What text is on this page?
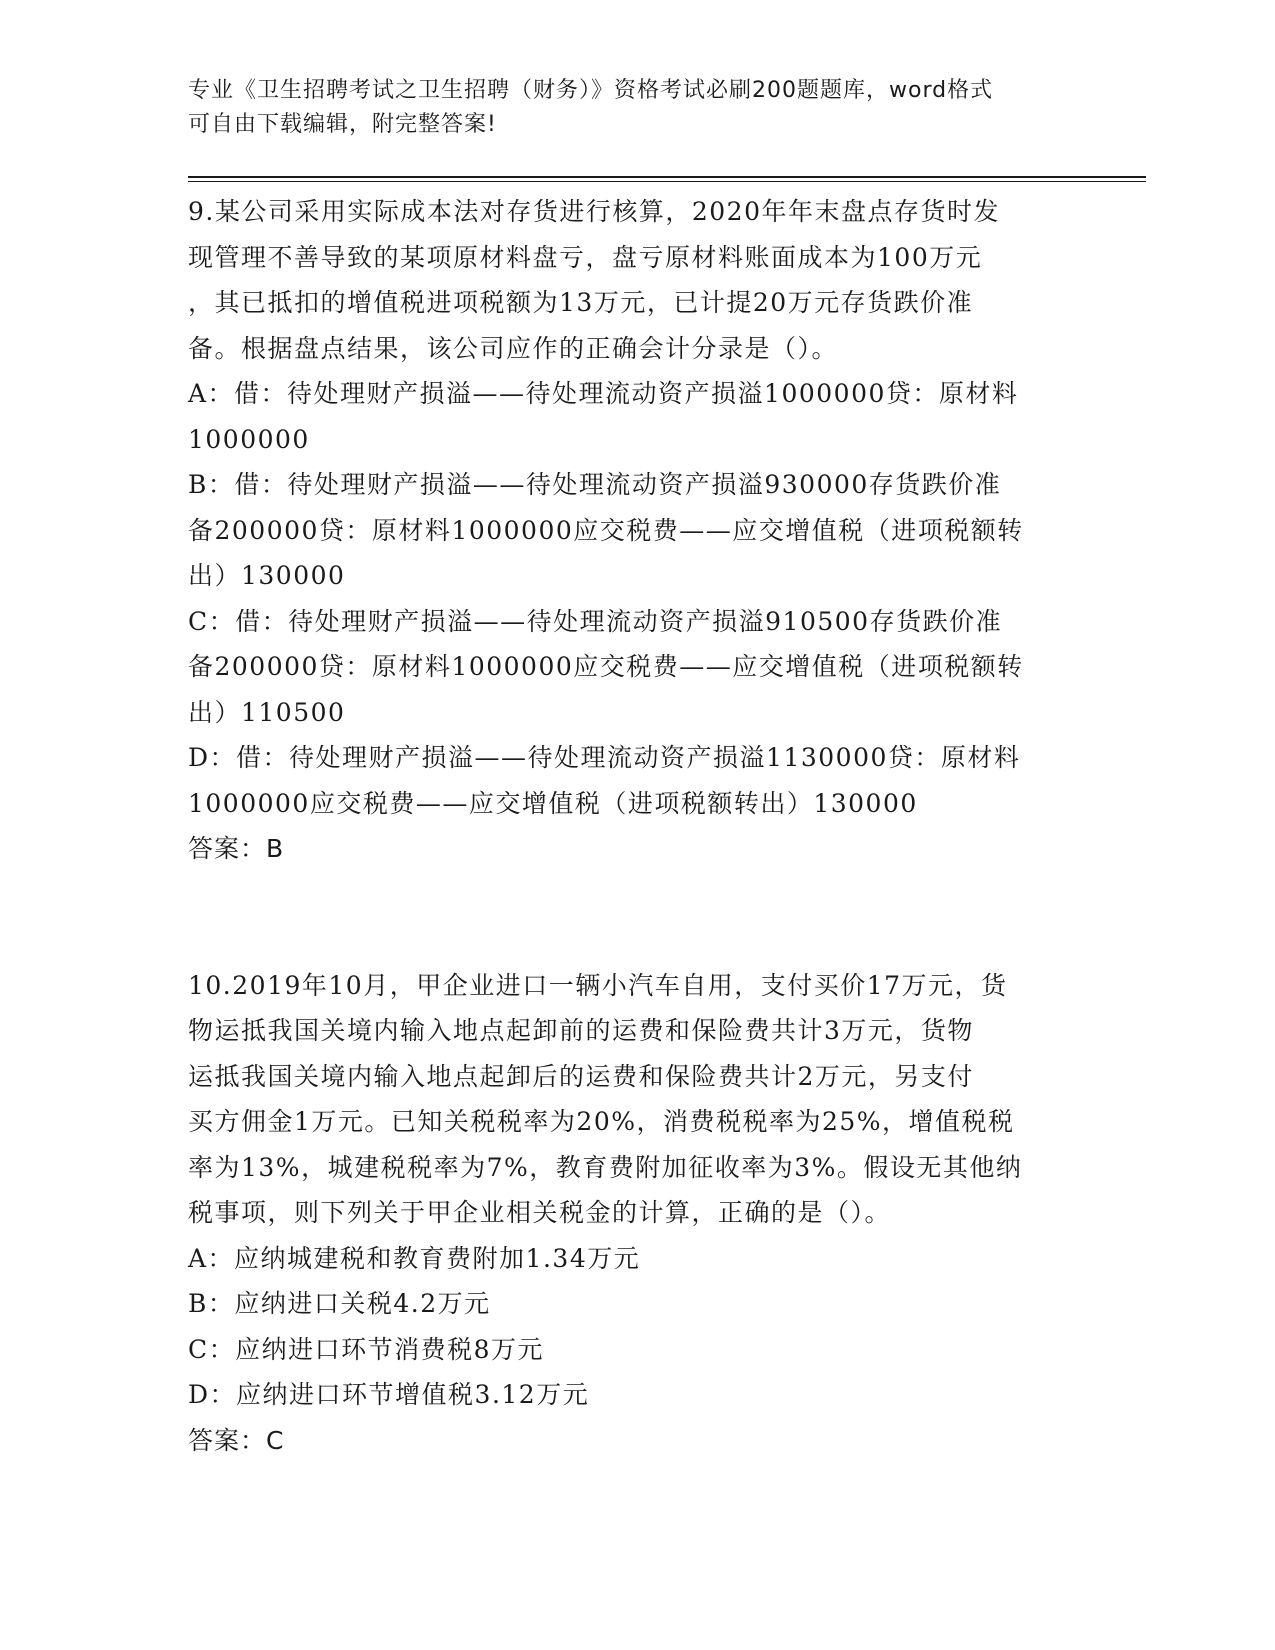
专业《卫生招聘考试之卫生招聘（财务）》资格考试必刷200题题库，word格式
可自由下载编辑，附完整答案!
9.某公司采用实际成本法对存货进行核算，2020年年末盘点存货时发
现管理不善导致的某项原材料盘亏，盘亏原材料账面成本为100万元
，其已抵扣的增值税进项税额为13万元，已计提20万元存货跌价准
备。根据盘点结果，该公司应作的正确会计分录是（）。
A：借：待处理财产损溢——待处理流动资产损溢1000000贷：原材料
1000000
B：借：待处理财产损溢——待处理流动资产损溢930000存货跌价准
备200000贷：原材料1000000应交税费——应交增值税（进项税额转
出）130000
C：借：待处理财产损溢——待处理流动资产损溢910500存货跌价准
备200000贷：原材料1000000应交税费——应交增值税（进项税额转
出）110500
D：借：待处理财产损溢——待处理流动资产损溢1130000贷：原材料
1000000应交税费——应交增值税（进项税额转出）130000
答案：B
10.2019年10月，甲企业进口一辆小汽车自用，支付买价17万元，货
物运抵我国关境内输入地点起卸前的运费和保险费共计3万元，货物
运抵我国关境内输入地点起卸后的运费和保险费共计2万元，另支付
买方佣金1万元。已知关税税率为20%，消费税税率为25%，增值税税
率为13%，城建税税率为7%，教育费附加征收率为3%。假设无其他纳
税事项，则下列关于甲企业相关税金的计算，正确的是（）。
A：应纳城建税和教育费附加1.34万元
B：应纳进口关税4.2万元
C：应纳进口环节消费税8万元
D：应纳进口环节增值税3.12万元
答案：C
